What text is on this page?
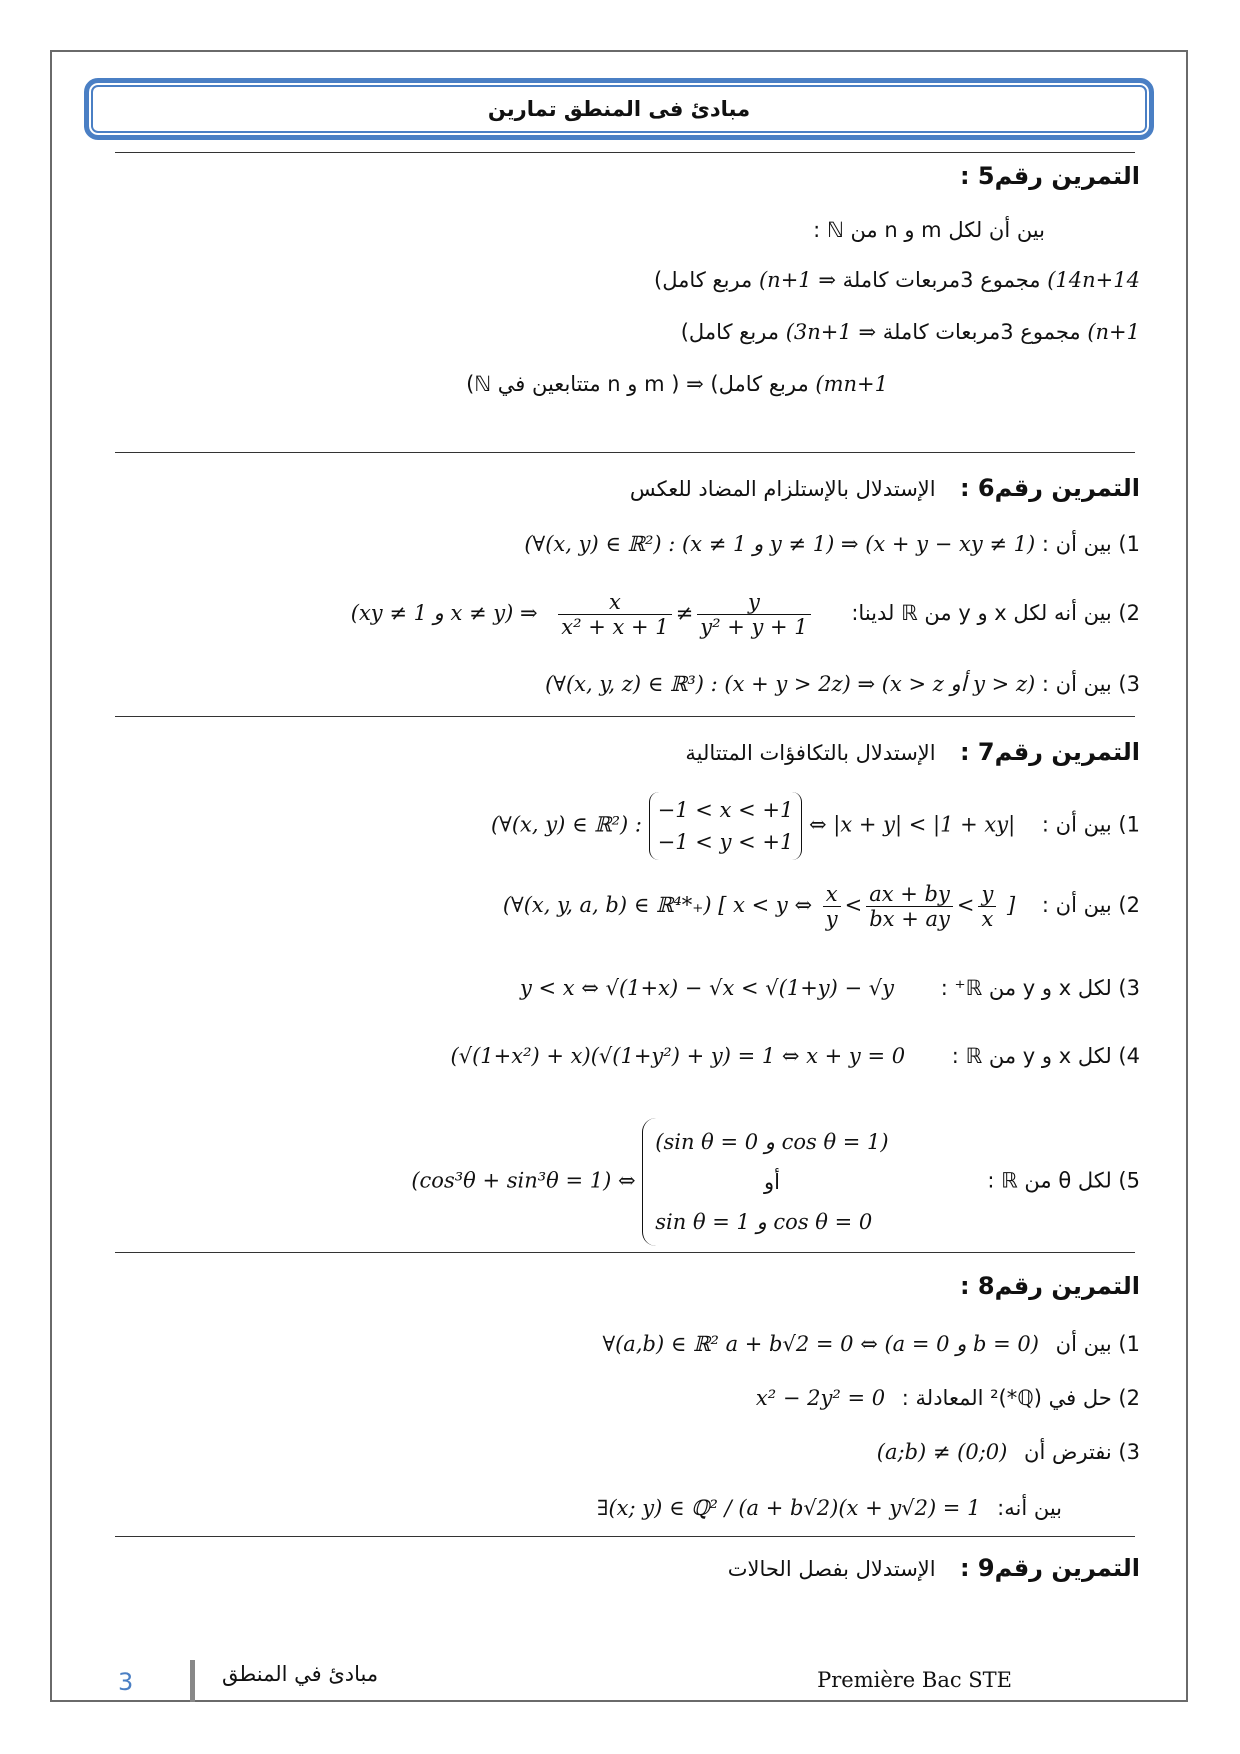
مبادئ فى المنطق تمارين
التمرين رقم5 :
بين أن لكل m و n من ℕ :
(14n+14 مجموع 3مربعات كاملة ⇒ (n+1 مربع كامل)
(n+1 مجموع 3مربعات كاملة ⇒ (3n+1 مربع كامل)
(mn+1 مربع كامل) ⇒ ( m و n متتابعين في ℕ)
التمرين رقم6 : الإستدلال بالإستلزام المضاد للعكس
1) بين أن : (∀(x, y) ∈ ℝ²) : (x ≠ 1 و y ≠ 1) ⇒ (x + y − xy ≠ 1)
2) بين أنه لكل x و y من ℝ لدينا:
$\frac{x}{\text{x² + x + 1}} \ne \frac{y}{\text{y² + y + 1}}$
(xy ≠ 1 و x ≠ y) ⇒
3) بين أن : (∀(x, y, z) ∈ ℝ³) : (x + y > 2z) ⇒ (x > z أو y > z)
التمرين رقم7 : الإستدلال بالتكافؤات المتتالية
1) بين أن : (∀(x, y) ∈ ℝ²) :
−1 < x < +1
−1 < y < +1
⇔ |x + y| < |1 + xy|
2) بين أن : (∀(x, y, a, b) ∈ ℝ⁴*₊) [ x < y ⇔ $\frac{x}{y} < \frac{ax + by}{bx + ay} < \frac{y}{x}$ ]
3) لكل x و y من ℝ⁺ : y < x ⇔ √(1+x) − √x < √(1+y) − √y
4) لكل x و y من ℝ : (√(1+x²) + x)(√(1+y²) + y) = 1 ⇔ x + y = 0
5) لكل θ من ℝ : (cos³θ + sin³θ = 1) ⇔
(sin θ = 0 و cos θ = 1)
أو
sin θ = 1 و cos θ = 0
التمرين رقم8 :
1) بين أن ∀(a,b) ∈ ℝ² a + b√2 = 0 ⇔ (a = 0 و b = 0)
2) حل في (ℚ*)² المعادلة : x² − 2y² = 0
3) نفترض أن (a;b) ≠ (0;0)
بين أنه: ∃(x; y) ∈ ℚ² / (a + b√2)(x + y√2) = 1
التمرين رقم9 : الإستدلال بفصل الحالات
3	مبادئ في المنطق	Première Bac STE
